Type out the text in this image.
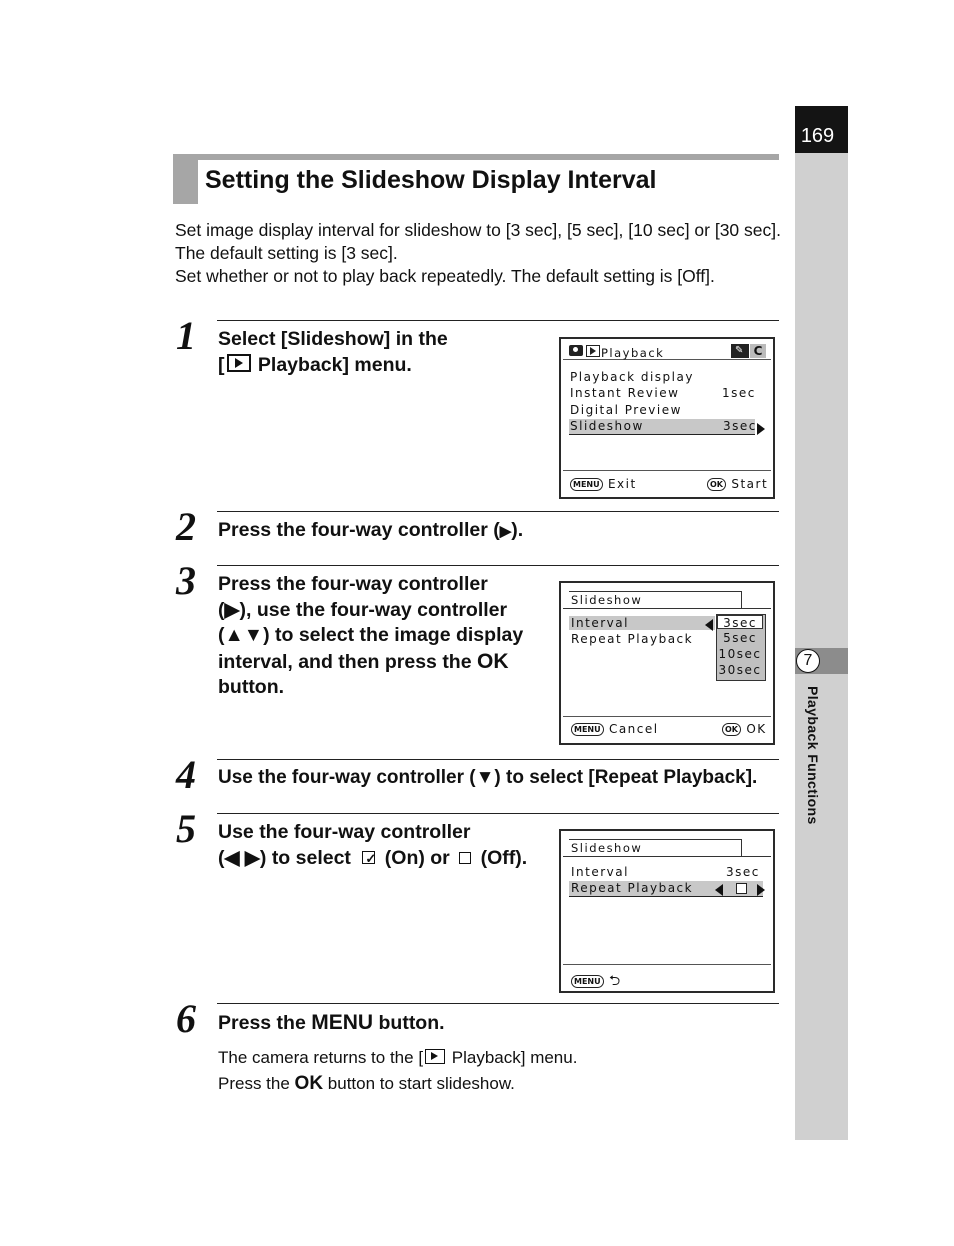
169
7
Playback Functions
Setting the Slideshow Display Interval

Set image display interval for slideshow to [3 sec], [5 sec], [10 sec] or [30 sec]. The default setting is [3 sec].

Set whether or not to play back repeatedly. The default setting is [Off].

1 Select [Slideshow] in the
[
Playback] menu.
Playback	✎ C
Playback display
Instant Review	1sec
Digital Preview
Slideshow	3sec
MENU Exit	OK Start
2 Press the four-way controller (▶).
3 Press the four-way controller
(▶), use the four-way controller
(▲▼) to select the image display
interval, and then press the OK
button.
Slideshow
Interval
Repeat Playback
3sec
5sec
10sec
30sec
MENU Cancel	OK OK
4 Use the four-way controller (▼) to select [Repeat Playback].
5 Use the four-way controller
(◀ ▶) to select ✓ (On) or (Off).	Slideshow
Interval	3sec
Repeat Playback
MENU ⮌
6 Press the MENU button.
The camera returns to the [
Playback] menu.
Press the OK button to start slideshow.
